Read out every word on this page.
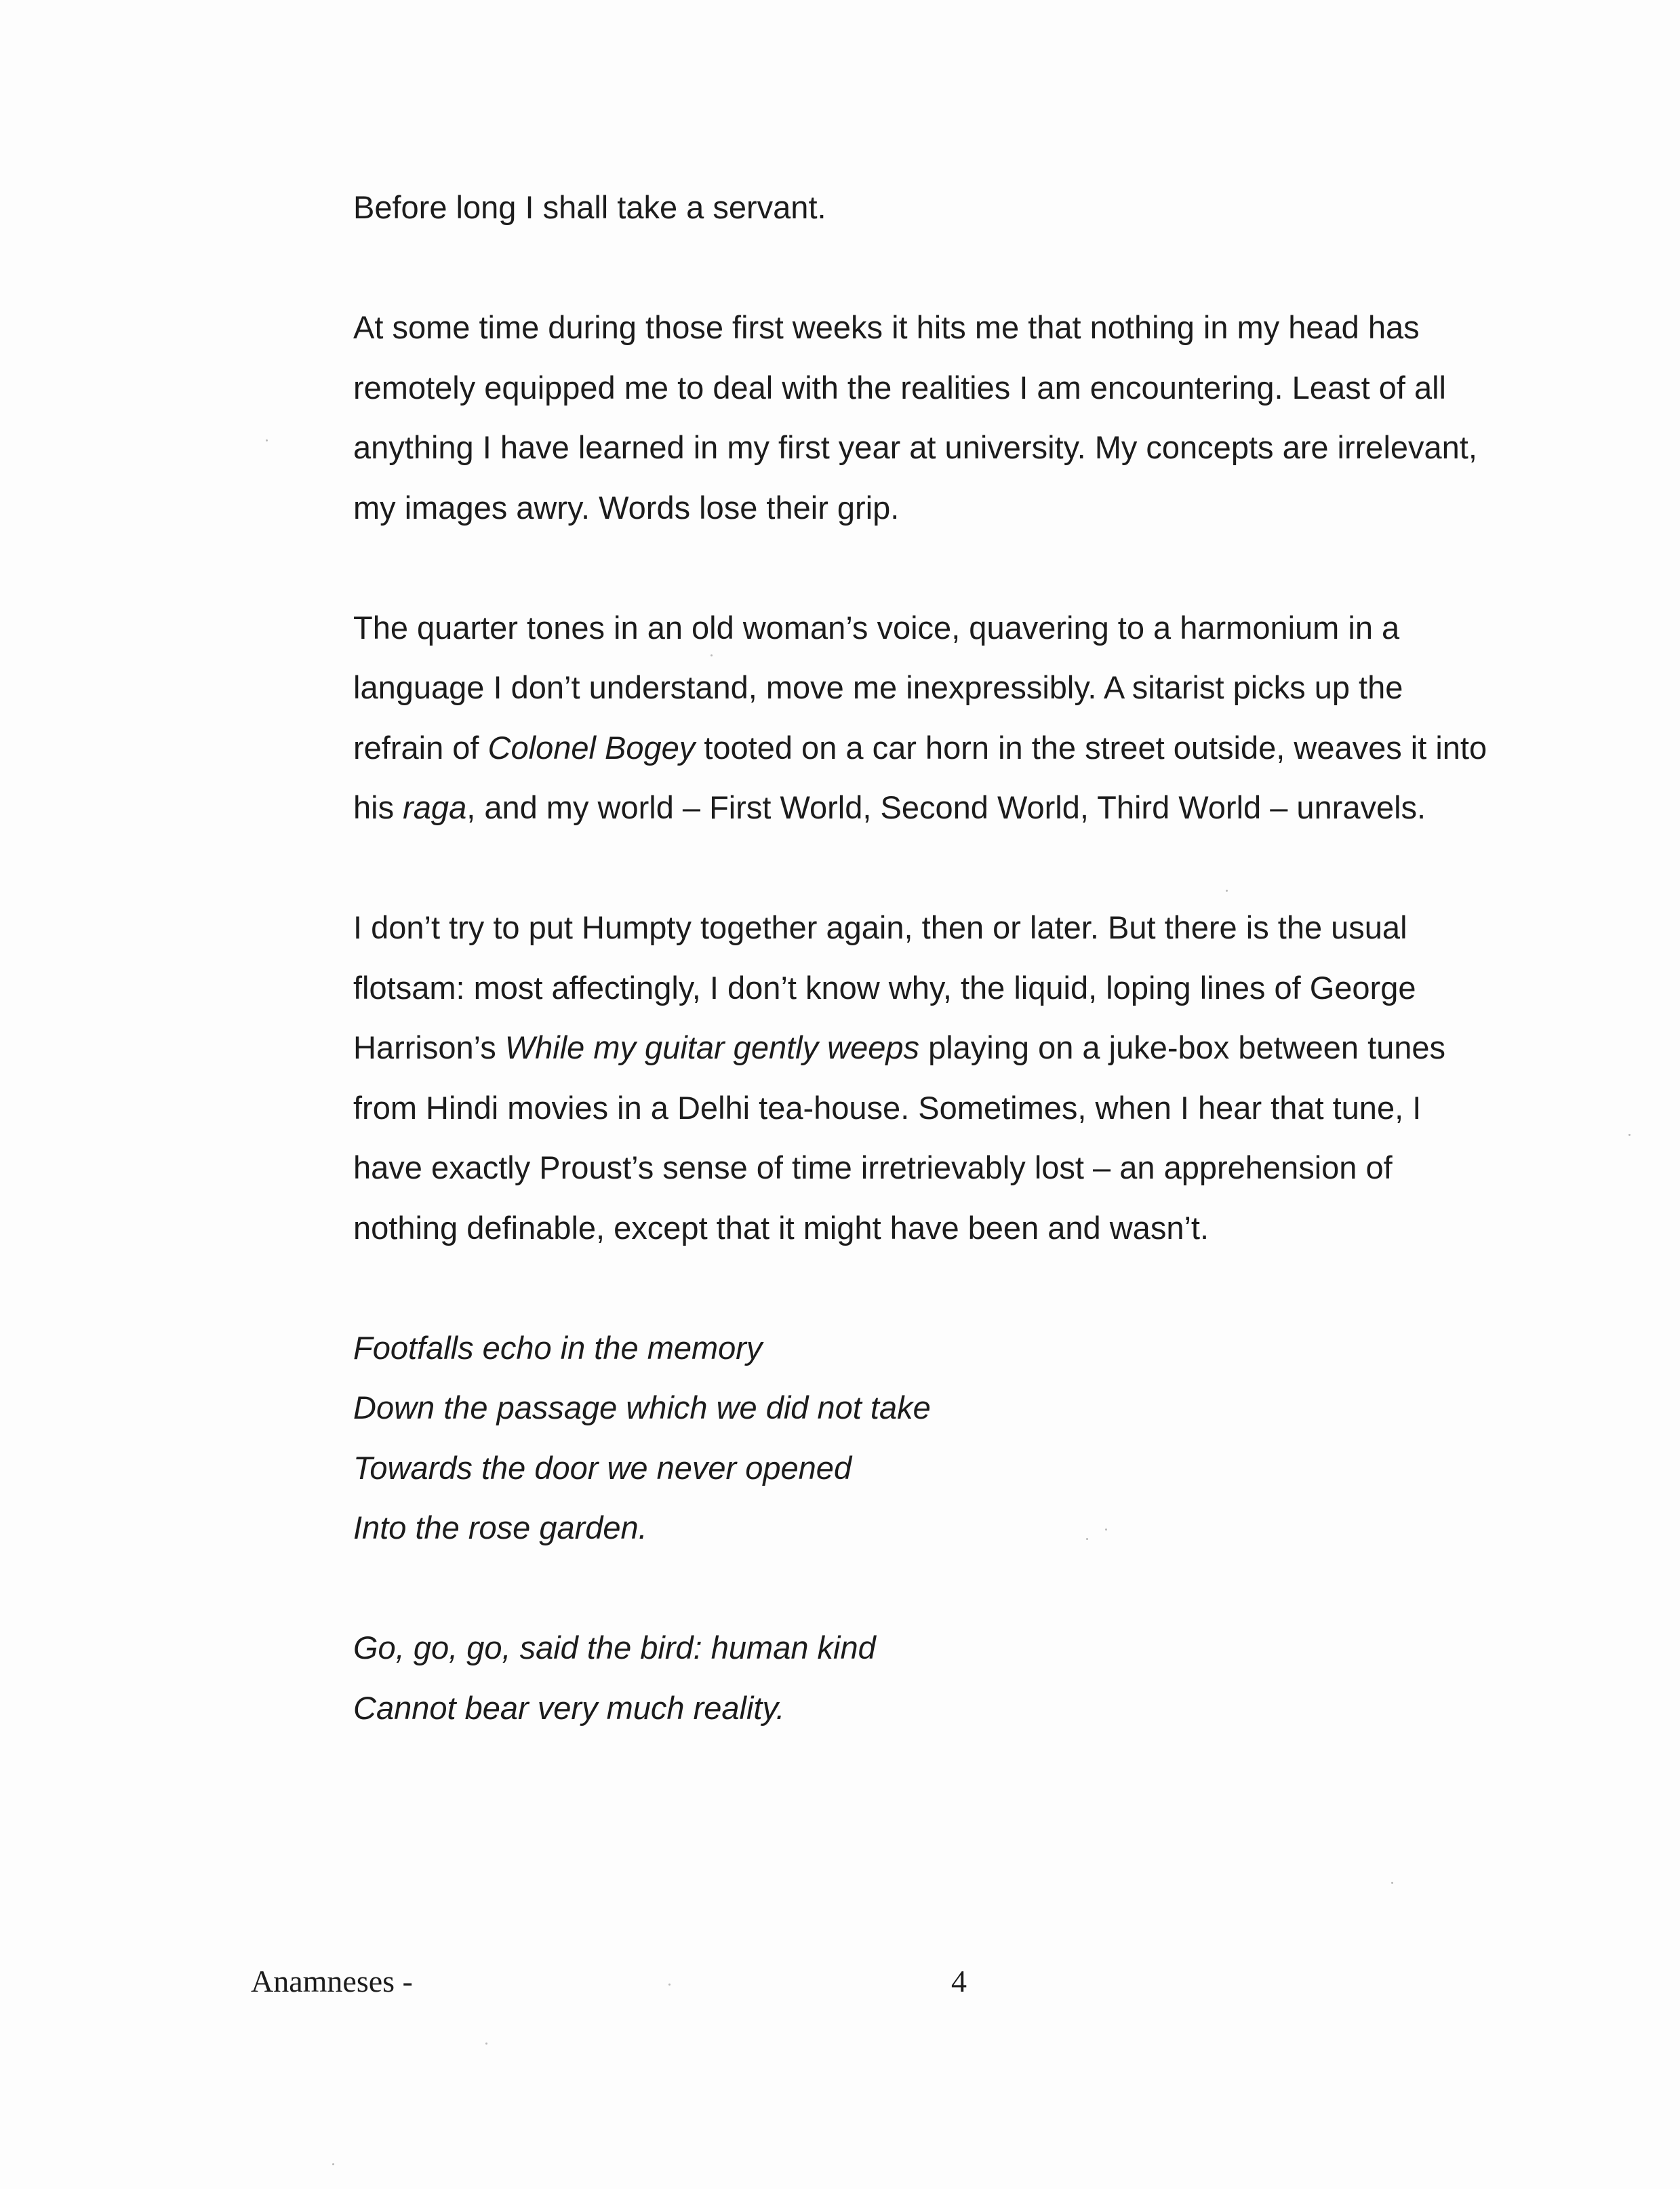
Before long I shall take a servant.

At some time during those first weeks it hits me that nothing in my head has
remotely equipped me to deal with the realities I am encountering. Least of all
anything I have learned in my first year at university. My concepts are irrelevant,
my images awry. Words lose their grip.

The quarter tones in an old woman’s voice, quavering to a harmonium in a
language I don’t understand, move me inexpressibly. A sitarist picks up the
refrain of Colonel Bogey tooted on a car horn in the street outside, weaves it into
his raga, and my world – First World, Second World, Third World – unravels.

I don’t try to put Humpty together again, then or later. But there is the usual
flotsam: most affectingly, I don’t know why, the liquid, loping lines of George
Harrison’s While my guitar gently weeps playing on a juke-box between tunes
from Hindi movies in a Delhi tea-house. Sometimes, when I hear that tune, I
have exactly Proust’s sense of time irretrievably lost – an apprehension of
nothing definable, except that it might have been and wasn’t.

Footfalls echo in the memory
Down the passage which we did not take
Towards the door we never opened
Into the rose garden.

Go, go, go, said the bird: human kind
Cannot bear very much reality.

Anamneses -	4
